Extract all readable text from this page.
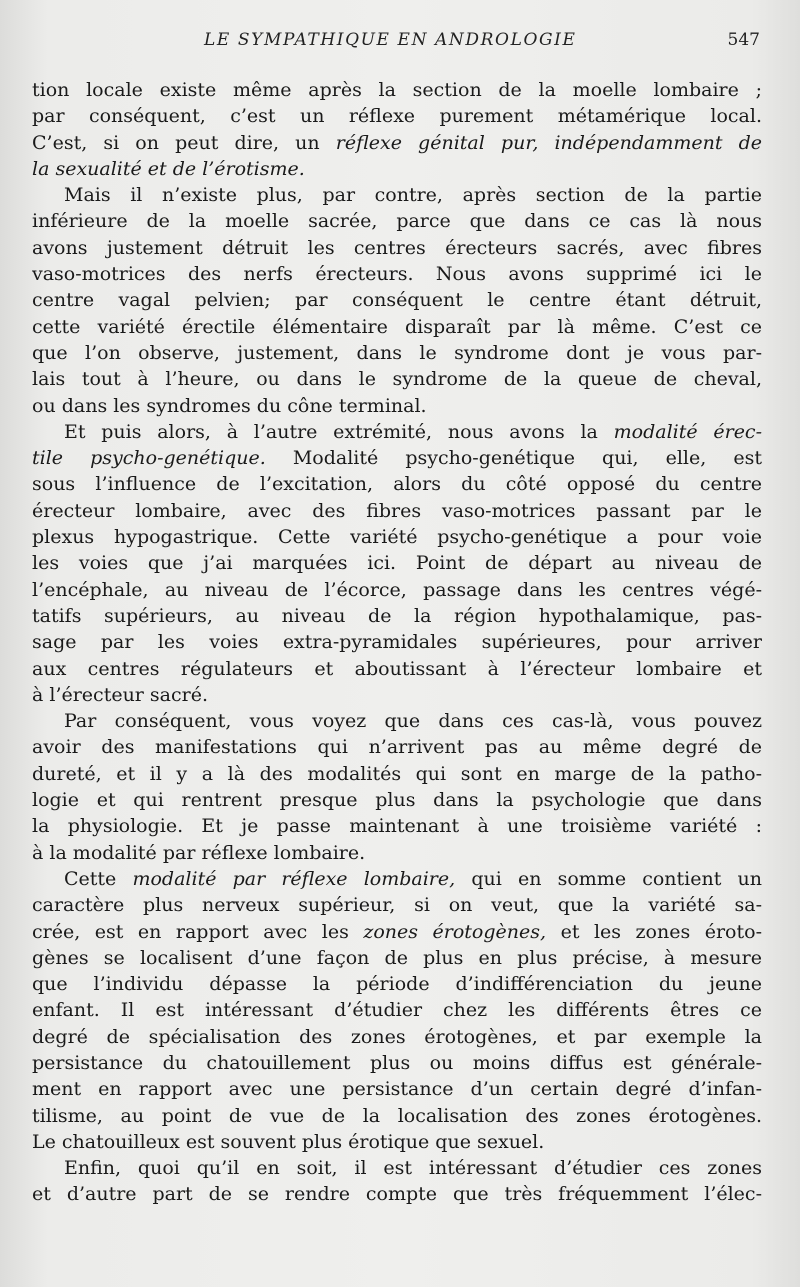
LE SYMPATHIQUE EN ANDROLOGIE	547
tion locale existe même après la section de la moelle lombaire ;
par conséquent, c’est un réflexe purement métamérique local.
C’est, si on peut dire, un réflexe génital pur, indépendamment de
la sexualité et de l’érotisme.
Mais il n’existe plus, par contre, après section de la partie
inférieure de la moelle sacrée, parce que dans ce cas là nous
avons justement détruit les centres érecteurs sacrés, avec fibres
vaso-motrices des nerfs érecteurs. Nous avons supprimé ici le
centre vagal pelvien; par conséquent le centre étant détruit,
cette variété érectile élémentaire disparaît par là même. C’est ce
que l’on observe, justement, dans le syndrome dont je vous par-
lais tout à l’heure, ou dans le syndrome de la queue de cheval,
ou dans les syndromes du cône terminal.
Et puis alors, à l’autre extrémité, nous avons la modalité érec-
tile psycho-genétique. Modalité psycho-genétique qui, elle, est
sous l’influence de l’excitation, alors du côté opposé du centre
érecteur lombaire, avec des fibres vaso-motrices passant par le
plexus hypogastrique. Cette variété psycho-genétique a pour voie
les voies que j’ai marquées ici. Point de départ au niveau de
l’encéphale, au niveau de l’écorce, passage dans les centres végé-
tatifs supérieurs, au niveau de la région hypothalamique, pas-
sage par les voies extra-pyramidales supérieures, pour arriver
aux centres régulateurs et aboutissant à l’érecteur lombaire et
à l’érecteur sacré.
Par conséquent, vous voyez que dans ces cas-là, vous pouvez
avoir des manifestations qui n’arrivent pas au même degré de
dureté, et il y a là des modalités qui sont en marge de la patho-
logie et qui rentrent presque plus dans la psychologie que dans
la physiologie. Et je passe maintenant à une troisième variété :
à la modalité par réflexe lombaire.
Cette modalité par réflexe lombaire, qui en somme contient un
caractère plus nerveux supérieur, si on veut, que la variété sa-
crée, est en rapport avec les zones érotogènes, et les zones éroto-
gènes se localisent d’une façon de plus en plus précise, à mesure
que l’individu dépasse la période d’indifférenciation du jeune
enfant. Il est intéressant d’étudier chez les différents êtres ce
degré de spécialisation des zones érotogènes, et par exemple la
persistance du chatouillement plus ou moins diffus est générale-
ment en rapport avec une persistance d’un certain degré d’infan-
tilisme, au point de vue de la localisation des zones érotogènes.
Le chatouilleux est souvent plus érotique que sexuel.
Enfin, quoi qu’il en soit, il est intéressant d’étudier ces zones
et d’autre part de se rendre compte que très fréquemment l’élec-
